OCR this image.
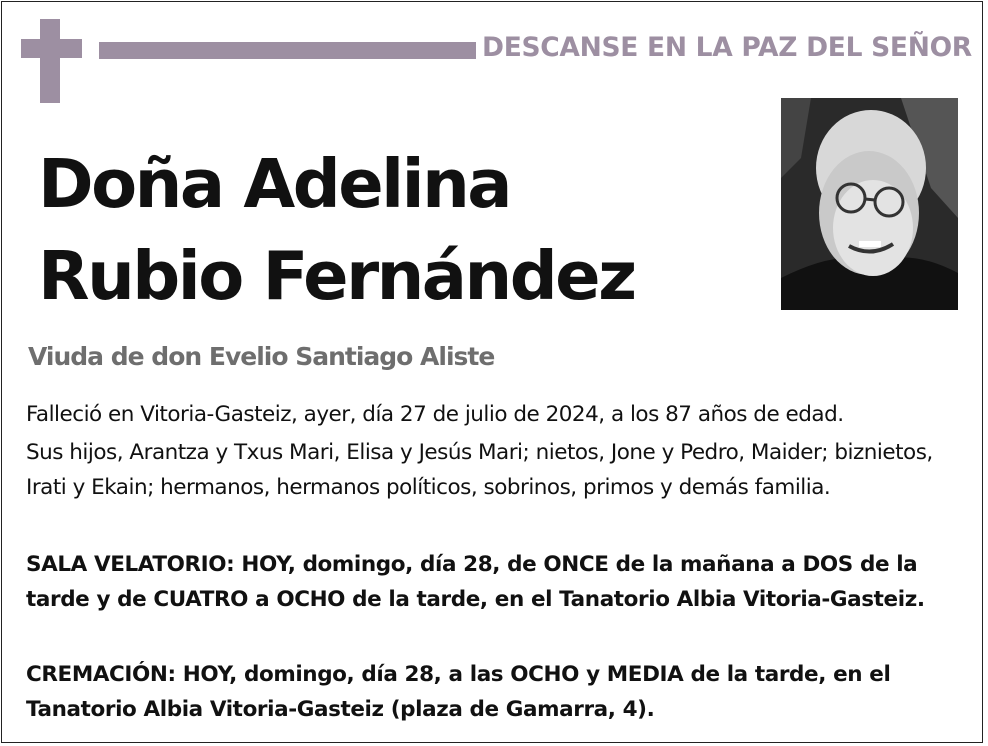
DESCANSE EN LA PAZ DEL SEÑOR
Doña Adelina
Rubio Fernández
Viuda de don Evelio Santiago Aliste
Falleció en Vitoria-Gasteiz, ayer, día 27 de julio de 2024, a los 87 años de edad.
Sus hijos, Arantza y Txus Mari, Elisa y Jesús Mari; nietos, Jone y Pedro, Maider; biznietos, Irati y Ekain; hermanos, hermanos políticos, sobrinos, primos y demás familia.
SALA VELATORIO: HOY, domingo, día 28, de ONCE de la mañana a DOS de la tarde y de CUATRO a OCHO de la tarde, en el Tanatorio Albia Vitoria-Gasteiz.
CREMACIÓN: HOY, domingo, día 28, a las OCHO y MEDIA de la tarde, en el Tanatorio Albia Vitoria-Gasteiz (plaza de Gamarra, 4).
